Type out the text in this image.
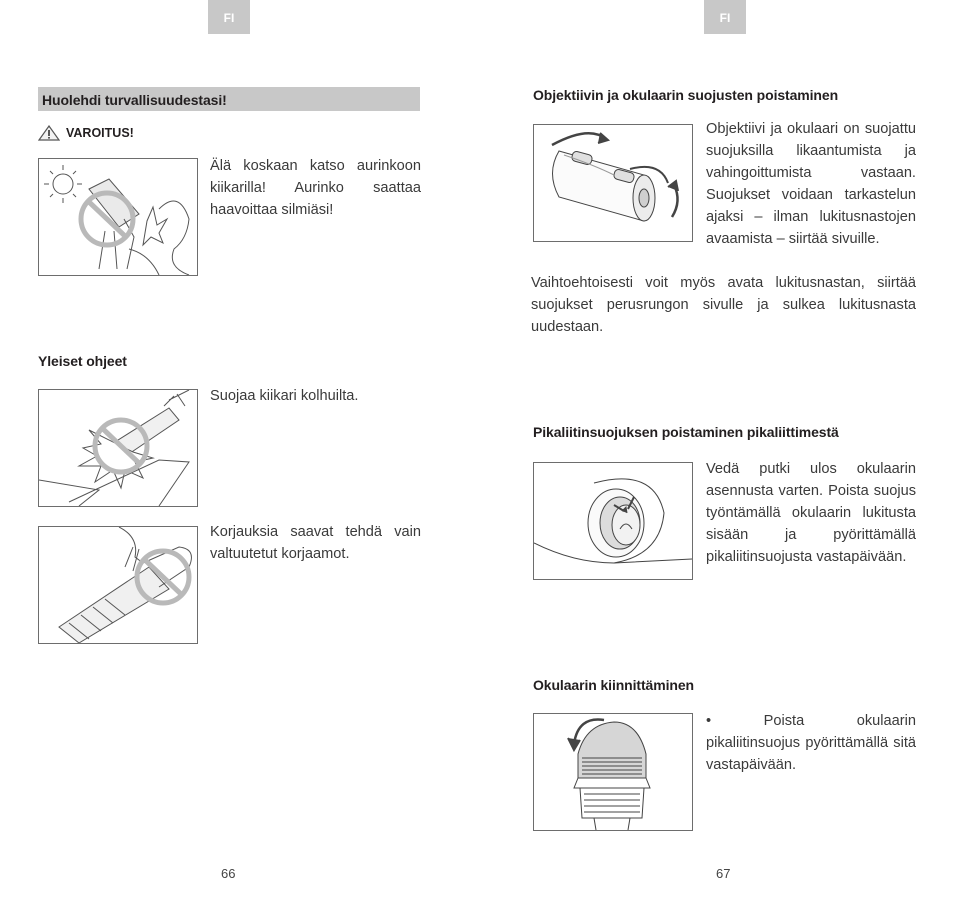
FI
Huolehdi turvallisuudestasi!
VAROITUS!
Älä koskaan katso aurinkoon kiikarilla! Aurinko saattaa haavoittaa silmiäsi!
Yleiset ohjeet
Suojaa kiikari kolhuilta.
Korjauksia saavat tehdä vain valtuutetut korjaamot.
66
FI
Objektiivin ja okulaarin suojusten poistaminen
Objektiivi ja okulaari on suojattu suojuksilla likaantumista ja vahingoittumista vastaan. Suojukset voidaan tarkastelun ajaksi – ilman lukitusnastojen avaamista – siirtää sivuille.
Vaihtoehtoisesti voit myös avata lukitusnastan, siirtää suojukset perusrungon sivulle ja sulkea lukitusnasta uudestaan.
Pikaliitinsuojuksen poistaminen pikaliittimestä
Vedä putki ulos okulaarin asennusta varten. Poista suojus työntämällä okulaarin lukitusta sisään ja pyörittämällä pikaliitinsuojusta vastapäivään.
Okulaarin kiinnittäminen
• Poista okulaarin pikaliitinsuojus pyörittämällä sitä vastapäivään.
67
